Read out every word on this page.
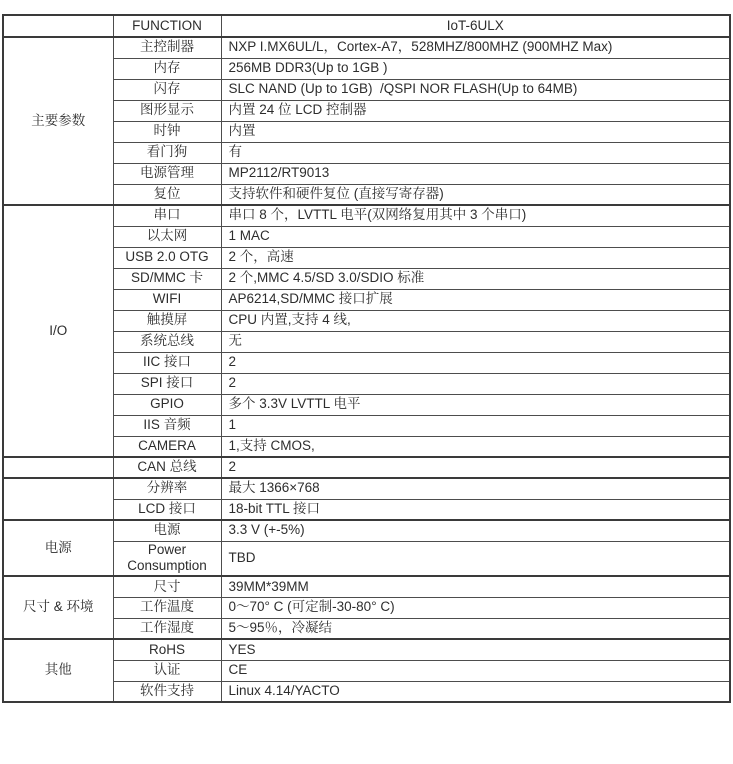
	FUNCTION	IoT-6ULX
主要参数	主控制器	NXP I.MX6UL/L，Cortex-A7，528MHZ/800MHZ (900MHZ Max)
	内存	256MB DDR3(Up to 1GB )
	闪存	SLC NAND (Up to 1GB)  /QSPI NOR FLASH(Up to 64MB)
	图形显示	内置 24 位 LCD 控制器
	时钟	内置
	看门狗	有
	电源管理	MP2112/RT9013
	复位	支持软件和硬件复位 (直接写寄存器)
I/O	串口	串口 8 个，LVTTL 电平(双网络复用其中 3 个串口)
	以太网	1 MAC
	USB 2.0 OTG	2 个，高速
	SD/MMC 卡	2 个,MMC 4.5/SD 3.0/SDIO 标准
	WIFI	AP6214,SD/MMC 接口扩展
	触摸屏	CPU 内置,支持 4 线,
	系统总线	无
	IIC 接口	2
	SPI 接口	2
	GPIO	多个 3.3V LVTTL 电平
	IIS 音频	1
	CAMERA	1,支持 CMOS,
	CAN 总线	2
	分辨率	最大 1366×768
	LCD 接口	18-bit TTL 接口
电源	电源	3.3 V (+-5%)
	Power Consumption	TBD
尺寸 & 环境	尺寸	39MM*39MM
	工作温度	0～70° C (可定制-30-80° C)
	工作湿度	5～95％，冷凝结
其他	RoHS	YES
	认证	CE
	软件支持	Linux 4.14/YACTO
